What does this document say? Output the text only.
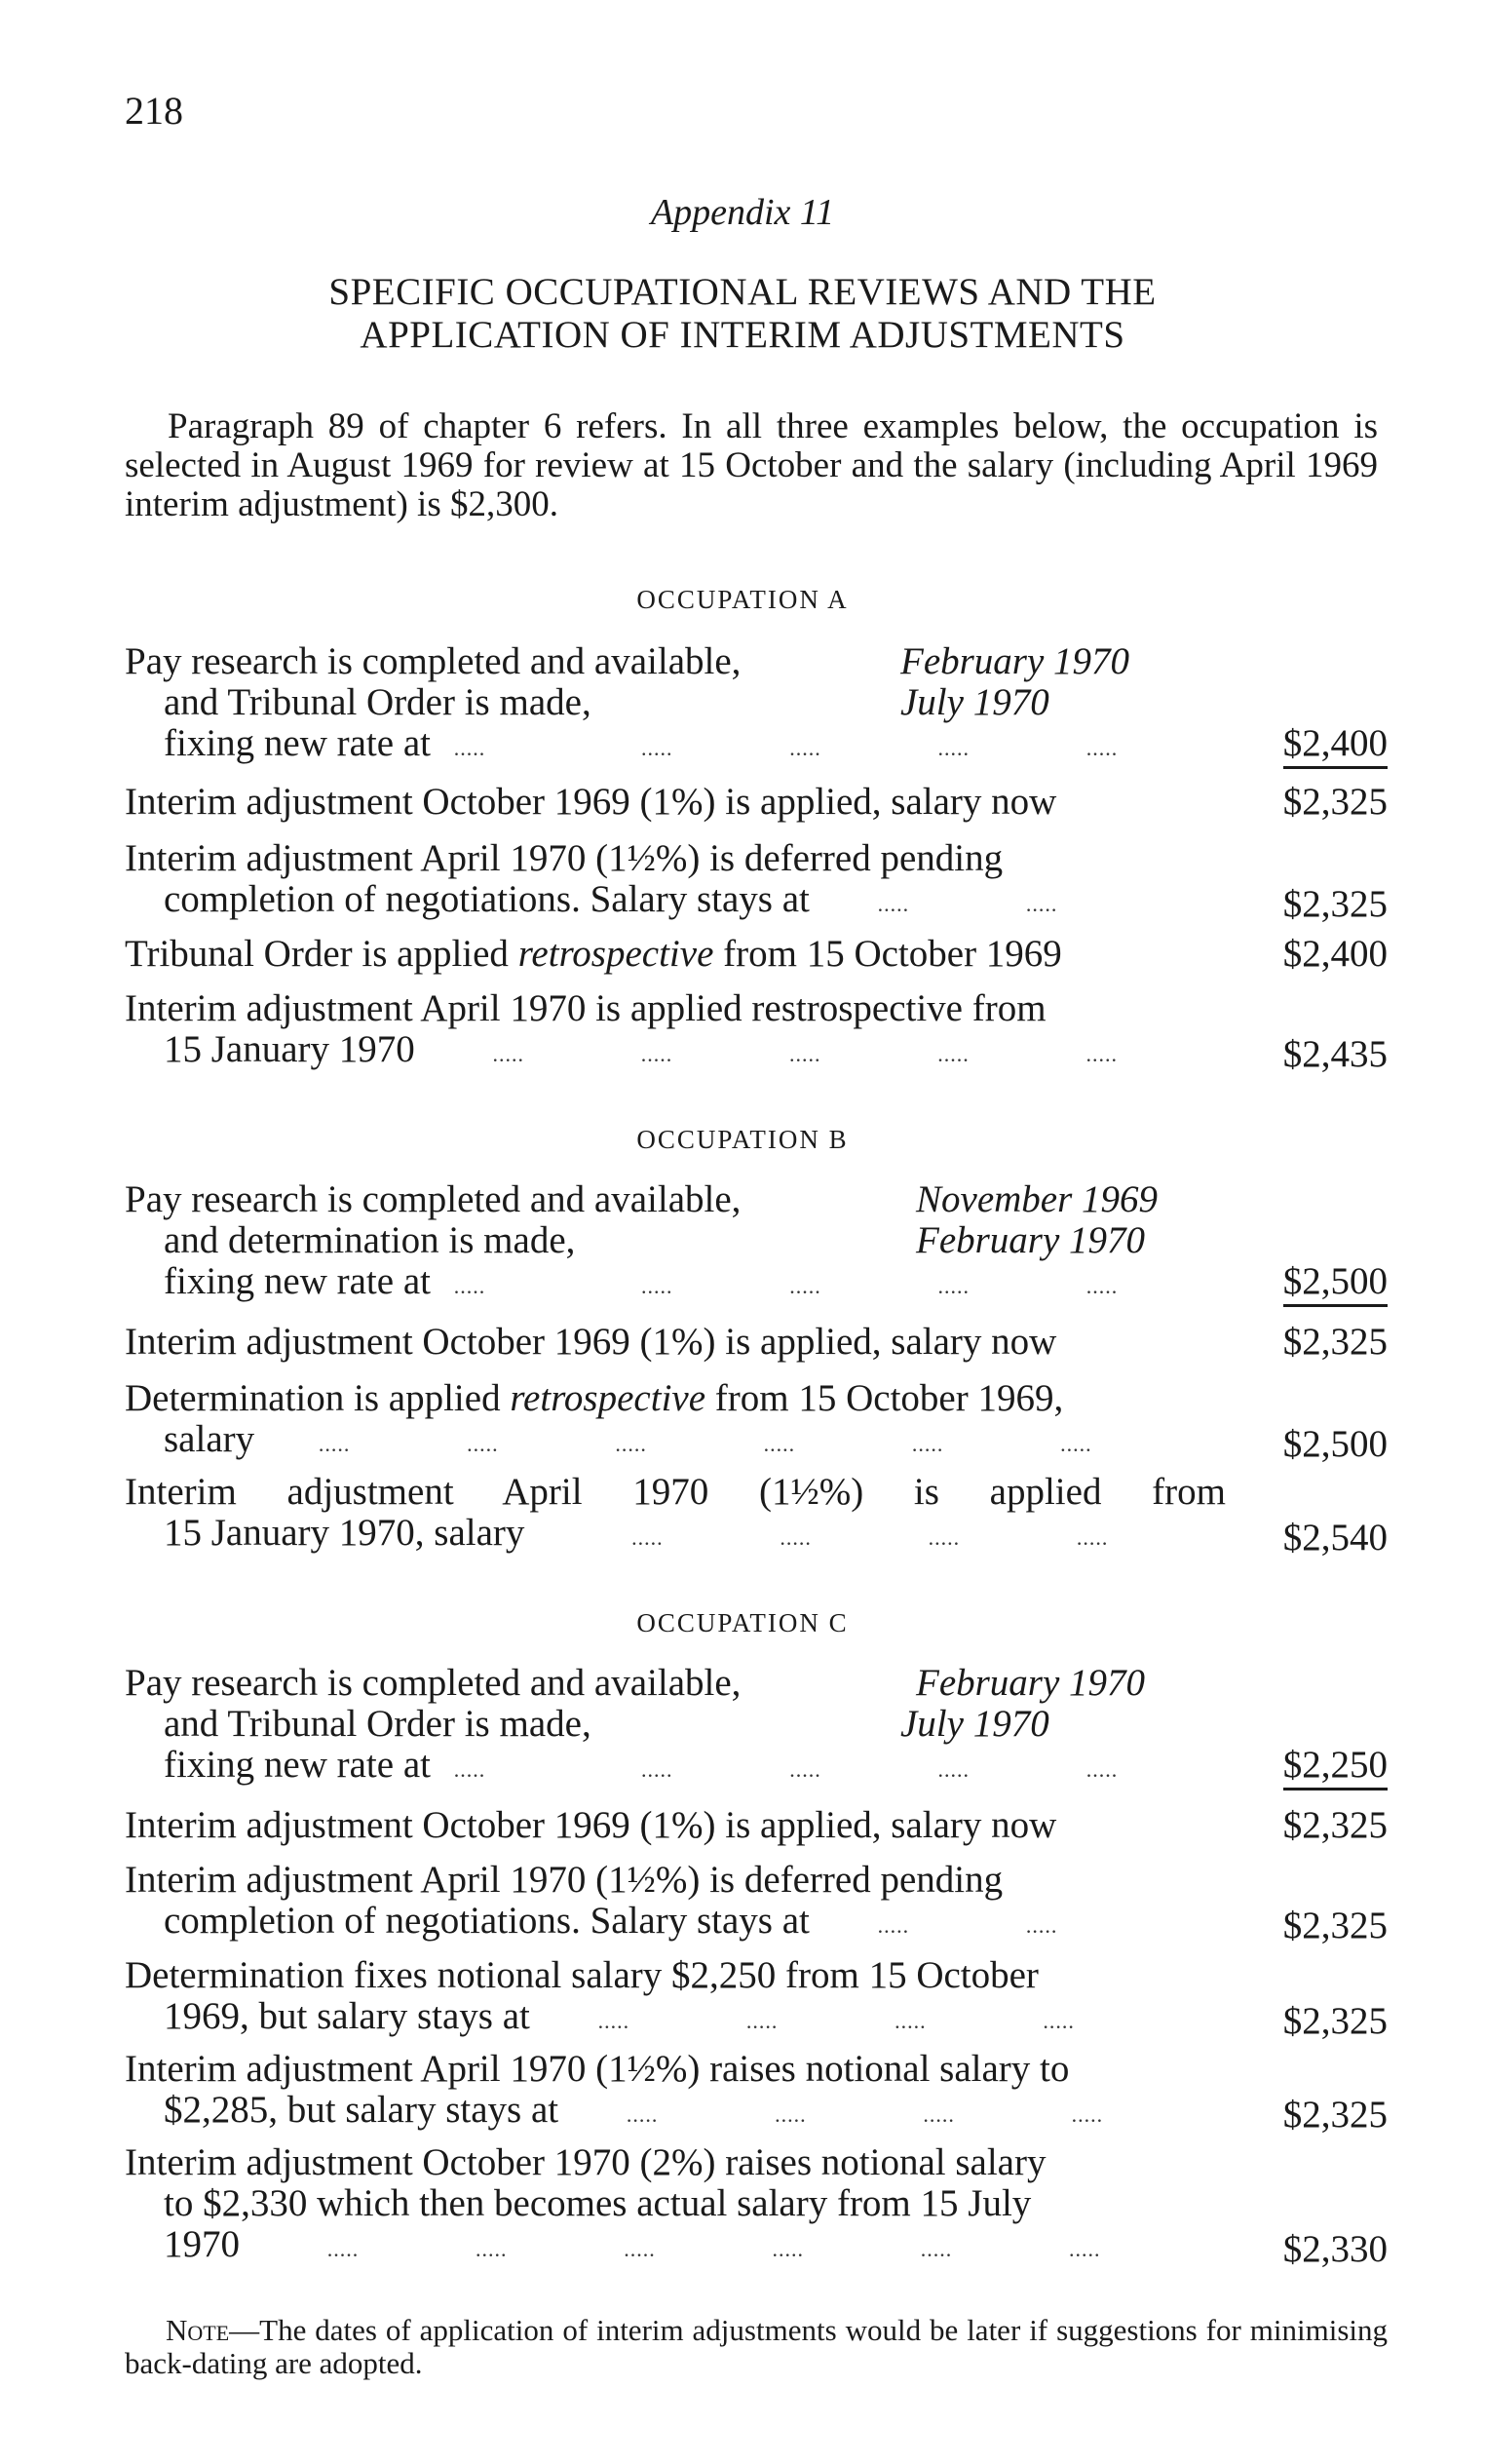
218
Appendix 11
SPECIFIC OCCUPATIONAL REVIEWS AND THE
APPLICATION OF INTERIM ADJUSTMENTS

Paragraph 89 of chapter 6 refers. In all three examples below, the occupation is selected in August 1969 for review at 15 October and the salary (including April 1969 interim adjustment) is $2,300.

OCCUPATION A
Pay research is completed and available,	February 1970
and Tribunal Order is made,	July 1970
fixing new rate at .....	.....	.....	.....	.....	$2,400
Interim adjustment October 1969 (1%) is applied, salary now	$2,325
Interim adjustment April 1970 (1½%) is deferred pending
completion of negotiations. Salary stays at	.....	.....	$2,325
Tribunal Order is applied retrospective from 15 October 1969	$2,400
Interim adjustment April 1970 is applied restrospective from
15 January 1970	.....	.....	.....	.....	.....	$2,435
OCCUPATION B
Pay research is completed and available,	November 1969
and determination is made,	February 1970
fixing new rate at .....	.....	.....	.....	.....	$2,500
Interim adjustment October 1969 (1%) is applied, salary now	$2,325
Determination is applied retrospective from 15 October 1969,
salary	.....	.....	.....	.....	.....	.....	$2,500
Interim adjustment April 1970 (1½%) is applied from
15 January 1970, salary	.....	.....	.....	.....	$2,540
OCCUPATION C
Pay research is completed and available,	February 1970
and Tribunal Order is made,	July 1970
fixing new rate at .....	.....	.....	.....	.....	$2,250
Interim adjustment October 1969 (1%) is applied, salary now	$2,325
Interim adjustment April 1970 (1½%) is deferred pending
completion of negotiations. Salary stays at	.....	.....	$2,325
Determination fixes notional salary $2,250 from 15 October
1969, but salary stays at	.....	.....	.....	.....	$2,325
Interim adjustment April 1970 (1½%) raises notional salary to
$2,285, but salary stays at	.....	.....	.....	.....	$2,325
Interim adjustment October 1970 (2%) raises notional salary
to $2,330 which then becomes actual salary from 15 July
1970	.....	.....	.....	.....	.....	.....	$2,330

Note—The dates of application of interim adjustments would be later if suggestions for minimising back-dating are adopted.
